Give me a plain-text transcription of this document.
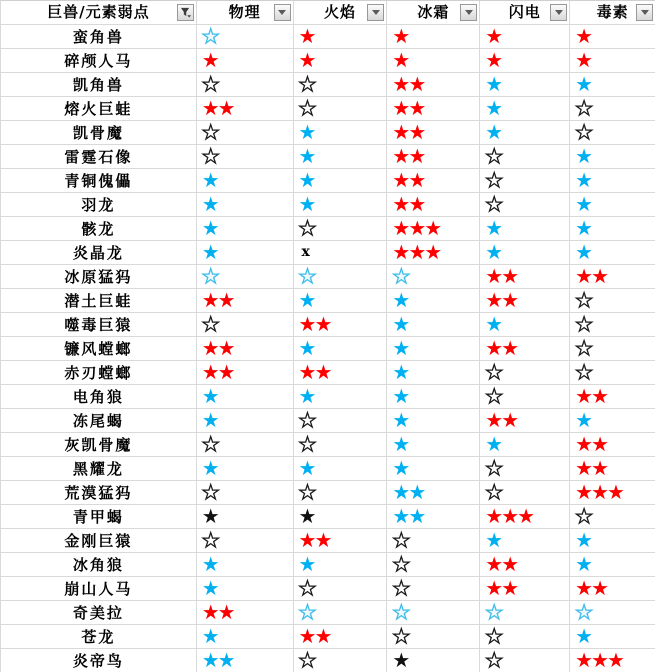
巨兽/元素弱点	物理	火焰	冰霜	闪电	毒素
蛮角兽	★	★	★	★	★
碎颅人马	★	★	★	★	★
凯角兽	★	★	★ ★	★	★
熔火巨蛙	★ ★	★	★ ★	★	★
凯骨魔	★	★	★ ★	★	★
雷霆石像	★	★	★ ★	★	★
青铜傀儡	★	★	★ ★	★	★
羽龙	★	★	★ ★	★	★
骸龙	★	★	★ ★ ★ ★	★
炎晶龙	★	x	★ ★ ★ ★	★
冰原猛犸	★	★	★	★ ★	★ ★
潜土巨蛙	★ ★	★	★	★ ★	★
噬毒巨猿	★	★ ★	★	★	★
镰风螳螂	★ ★	★	★	★ ★	★
赤刃螳螂	★ ★	★ ★	★	★	★
电角狼	★	★	★	★	★ ★
冻尾蝎	★	★	★	★ ★	★
灰凯骨魔	★	★	★	★	★ ★
黑耀龙	★	★	★	★	★ ★
荒漠猛犸	★	★	★ ★	★	★ ★ ★
青甲蝎	★	★	★ ★	★ ★ ★ ★
金刚巨猿	★	★ ★	★	★	★
冰角狼	★	★	★	★ ★	★
崩山人马	★	★	★	★ ★	★ ★
奇美拉	★ ★	★	★	★	★
苍龙	★	★ ★	★	★	★
炎帝鸟	★ ★	★	★	★	★ ★ ★
